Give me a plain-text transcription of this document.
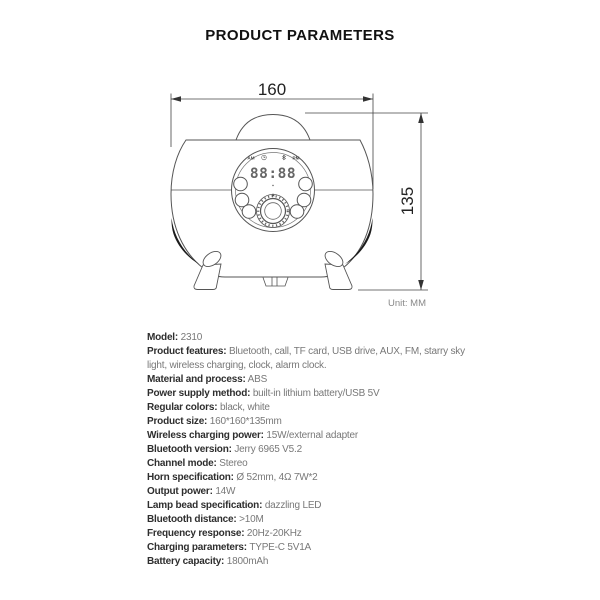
PRODUCT PARAMETERS
160
135
AM	PM
88:88
Unit: MM
Model: 2310
Product features: Bluetooth, call, TF card, USB drive, AUX, FM, starry sky light, wireless charging, clock, alarm clock.
Material and process: ABS
Power supply method: built-in lithium battery/USB 5V
Regular colors: black, white
Product size: 160*160*135mm
Wireless charging power: 15W/external adapter
Bluetooth version: Jerry 6965 V5.2
Channel mode: Stereo
Horn specification: Ø 52mm, 4Ω 7W*2
Output power: 14W
Lamp bead specification: dazzling LED
Bluetooth distance: >10M
Frequency response: 20Hz-20KHz
Charging parameters: TYPE-C 5V1A
Battery capacity: 1800mAh
